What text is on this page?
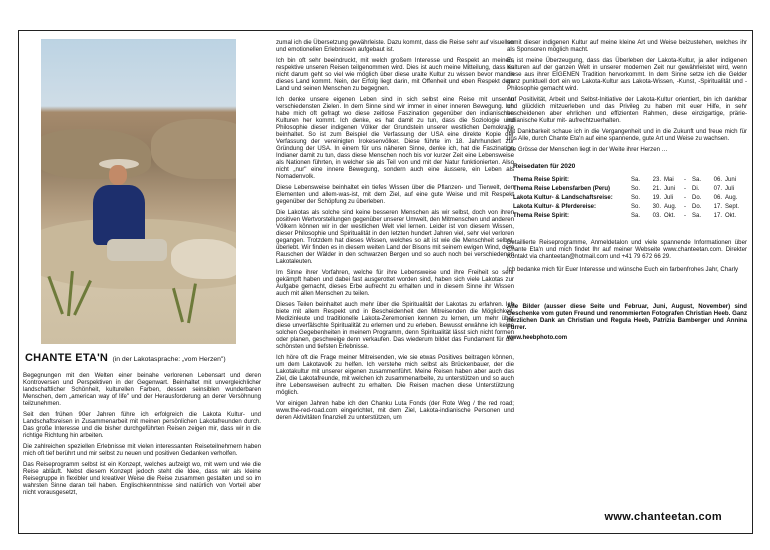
CHANTE ETA'N (in der Lakotasprache: „vom Herzen")

Begegnungen mit den Welten einer beinahe verlorenen Lebensart und deren Kontroversen und Perspektiven in der Gegenwart. Beinhaltet mit unvergleichlicher landschaftlicher Schönheit, kulturellen Farben, dessen seinsiblen wunderbaren Menschen, dem „american way of life" und der Herausforderung an derer Versöhnung teilzunehmen.

Seit den frühen 90er Jahren führe ich erfolgreich die Lakota Kultur- und Landschaftsreisen in Zusammenarbeit mit meinen persönlichen Lakotafreunden durch. Das große Interesse und die bisher durchgeführten Reisen zeigen mir, dass wir in die richtige Richtung hin arbeiten.

Die zahlreichen speziellen Erlebnisse mit vielen interessanten Reiseteilnehmern haben mich oft tief berührt und mir selbst zu neuen und positiven Gedanken verholfen.

Das Reiseprogramm selbst ist ein Konzept, welches aufzeigt wo, mit wem und wie die Reise abläuft. Nebst diesem Konzept jedoch steht die Idee, dass wir als kleine Reisegruppe in flexibler und kreativer Weise die Reise zusammen gestalten und so im wahrsten Sinne daran teil haben. Englischkenntnisse sind natürlich von Vorteil aber nicht vorausgesetzt,

zumal ich die Übersetzung gewährleiste. Dazu kommt, dass die Reise sehr auf visuellen und emotionellen Erlebnissen aufgebaut ist.

Ich bin oft sehr beeindruckt, mit welch großem Interesse und Respekt an meinen, respektive unseren Reisen teilgenommen wird. Dies ist auch meine Mitteilung, dass es nicht darum geht so viel wie möglich über diese uralte Kultur zu wissen bevor man in dieses Land kommt. Nein, der Erfolg liegt darin, mit Offenheit und eben Respekt dem Land und seinen Menschen zu begegnen.

Ich denke unsere eigenen Leben sind in sich selbst eine Reise mit unseren verschiedensten Zielen. In dem Sinne sind wir immer in einer inneren Bewegung. Ich habe mich oft gefragt wo diese zeitlose Faszination gegenüber den indianischen Kulturen her kommt. Ich denke, es hat damit zu tun, dass die Soziologie und Philosophie dieser indigenen Völker der Grundstein unserer westlichen Demokratie beinhaltet. So ist zum Beispiel die Verfassung der USA eine direkte Kopie der Verfassung der vereinigten Irokesenvölker. Diese führte im 18. Jahrhundert zur Gründung der USA. In einem für uns näheren Sinne, denke ich, hat die Faszination Indianer damit zu tun, dass diese Menschen noch bis vor kurzer Zeit eine Lebensweise als Nationen führten, in welcher sie als Teil von und mit der Natur funktionierten. Also nicht „nur" eine innere Bewegung, sondern auch eine äussere, ein Leben als Nomadenvolk.

Diese Lebensweise beinhaltet ein tiefes Wissen über die Pflanzen- und Tierwelt, den Elementen und allem-was-ist, mit dem Ziel, auf eine gute Weise und mit Respekt gegenüber der Schöpfung zu überleben.

Die Lakotas als solche sind keine besseren Menschen als wir selbst, doch von ihren positiven Wertvorstellungen gegenüber unserer Umwelt, den Mitmenschen und anderen Völkern können wir in der westlichen Welt viel lernen. Leider ist von diesem Wissen, dieser Philosophie und Spiritualität in den letzten hundert Jahren viel, sehr viel verloren gegangen. Trotzdem hat dieses Wissen, welches so alt ist wie die Menschheit selbst, überlebt. Wir finden es in diesem weiten Land der Bisons mit seinem ewigen Wind, dem Rauschen der Wälder in den schwarzen Bergen und so auch noch bei verschiedenen Lakotaleuten.

Im Sinne ihrer Vorfahren, welche für ihre Lebensweise und ihre Freiheit so sehr gekämpft haben und dabei fast ausgerottet worden sind, haben sich viele Lakotas zur Aufgabe gemacht, dieses Erbe aufrecht zu erhalten und in diesem Sinne ihr Wissen auch mit allen Menschen zu teilen.

Dieses Teilen beinhaltet auch mehr über die Spiritualität der Lakotas zu erfahren. Ich biete mit allem Respekt und in Bescheidenheit den Mitreisenden die Möglichkeit, Medizinleute und traditionelle Lakota-Zeremonien kennen zu lernen, um mehr über diese unverfälschte Spiritualität zu erlernen und zu erleben. Bewusst erwähne ich keine solchen Gegebenheiten in meinem Programm, denn Spiritualität lässt sich nicht formen oder planen, geschweige denn verkaufen. Das wiederum bildet das Fundament für die schönsten und tiefsten Erlebnisse.

Ich höre oft die Frage meiner Mitreisenden, wie sie etwas Positives beitragen können, um dem Lakotavolk zu helfen. Ich verstehe mich selbst als Brückenbauer, der die Lakotakultur mit unserer eigenen zusammenführt. Meine Reisen haben aber auch das Ziel, die Lakotafreunde, mit welchen ich zusammenarbeite, zu unterstützen und so auch ihre Lebensweisen aufrecht zu erhalten. Die Reisen machen diese Unterstützung möglich.

Vor einigen Jahren habe ich den Chanku Luta Fonds (der Rote Weg / the red road; www.the-red-road.com eingerichtet, mit dem Ziel, Lakota-indianische Personen und deren Aktivitäten finanziell zu unterstützen, um

somit dieser indigenen Kultur auf meine kleine Art und Weise beizustehen, welches ihr als Sponsoren möglich macht.

Es ist meine Überzeugung, dass das Überleben der Lakota-Kultur, ja aller indigenen Kulturen auf der ganzen Welt in unserer modernen Zeit nur gewährleistet wird, wenn diese aus ihrer EIGENEN Tradition hervorkommt. In dem Sinne setze ich die Gelder ganz punktuell dort ein wo Lakota-Kultur aus Lakota-Wissen, -Kunst, -Spiritualität und -Philosophie gemacht wird.

Auf Positivität, Arbeit und Selbst-Initiative der Lakota-Kultur orientiert, bin ich dankbar und glücklich mitzuerleben und das Privileg zu haben mit euer Hilfe, in sehr bescheidenen aber ehrlichen und effizienten Rahmen, diese einzigartige, prärie-indianische Kultur mit- aufrechtzuerhalten.

Mit Dankbarkeit schaue ich in die Vergangenheit und in die Zukunft und freue mich für uns Alle, durch Chante Eta'n auf eine spannende, gute Art und Weise zu wachsen.

Die Grösse der Menschen liegt in der Weite ihrer Herzen …

Reisedaten für 2020
Thema Reise Spirit:	Sa.	23.	Mai	-	Sa.	06.	Juni
Thema Reise Lebensfarben (Peru)	So.	21.	Juni	-	Di.	07.	Juli
Lakota Kultur- & Landschaftsreise:	So.	19.	Juli	-	Do.	06.	Aug.
Lakota Kultur- & Pferdereise:	So.	30.	Aug.	-	Do.	17.	Sept.
Thema Reise Spirit:	Sa.	03.	Okt.	-	Sa.	17.	Okt.

Detaillierte Reiseprogramme, Anmeldetalon und viele spannende Informationen über Chante Eta'n und mich findet Ihr auf meiner Webseite www.chanteetan.com. Direkter Kontakt via chanteetan@hotmail.com und +41 79 672 66 29.

Ich bedanke mich für Euer Interesse und wünsche Euch ein farbenfrohes Jahr, Charly

Alle Bilder (ausser diese Seite und Februar, Juni, August, November) sind Geschenke vom guten Freund und renommierten Fotografen Christian Heeb. Ganz herzlichen Dank an Christian und Regula Heeb, Patrizia Bamberger und Annina Furrer.

www.heebphoto.com
www.chanteetan.com
